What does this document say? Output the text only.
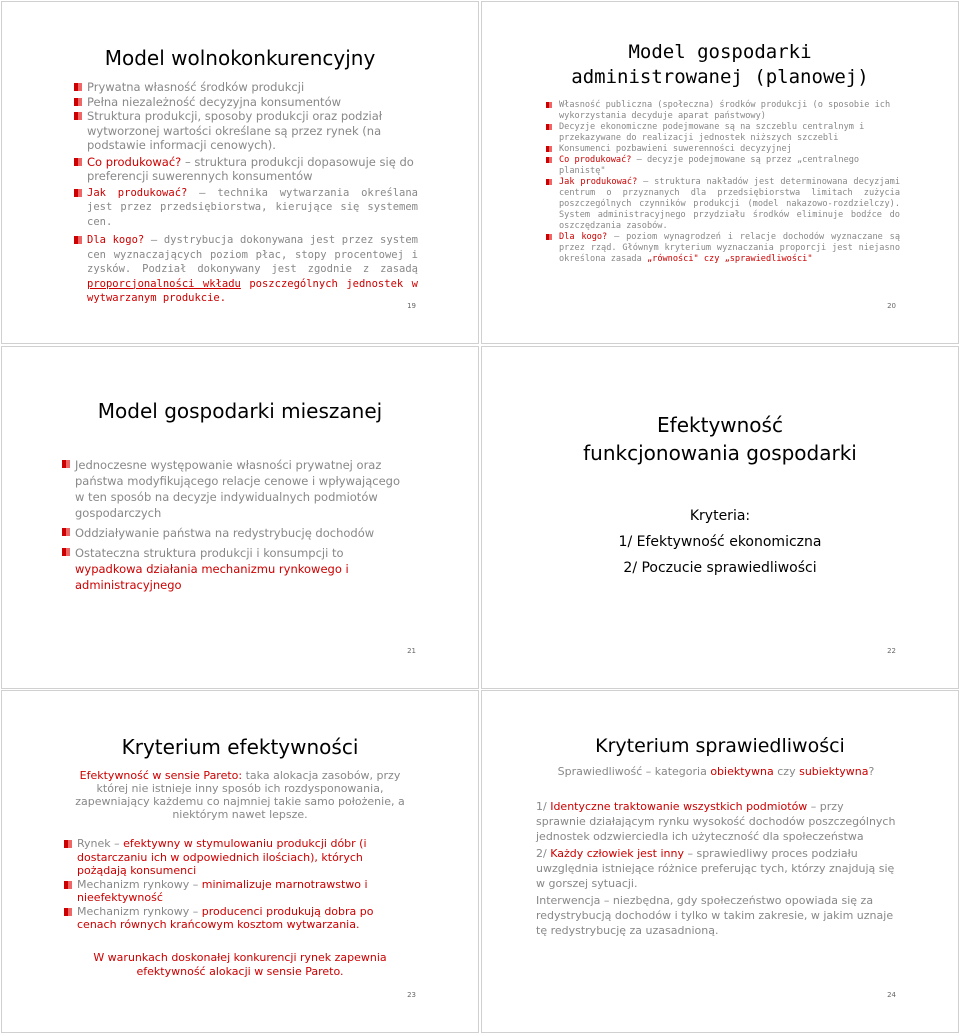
Model wolnokonkurencyjny
Prywatna własność środków produkcji
Pełna niezależność decyzyjna konsumentów
Struktura produkcji, sposoby produkcji oraz podział wytworzonej wartości określane są przez rynek (na podstawie informacji cenowych).
Co produkować? – struktura produkcji dopasowuje się do preferencji suwerennych konsumentów
Jak produkować? – technika wytwarzania określana jest przez przedsiębiorstwa, kierujące się systemem cen.
Dla kogo? – dystrybucja dokonywana jest przez system cen wyznaczających poziom płac, stopy procentowej i zysków. Podział dokonywany jest zgodnie z zasadą proporcjonalności wkładu poszczególnych jednostek w wytwarzanym produkcie.
19
Model gospodarki
administrowanej (planowej)
Własność publiczna (społeczna) środków produkcji (o sposobie ich wykorzystania decyduje aparat państwowy)
Decyzje ekonomiczne podejmowane są na szczeblu centralnym i przekazywane do realizacji jednostek niższych szczebli
Konsumenci pozbawieni suwerenności decyzyjnej
Co produkować? – decyzje podejmowane są przez „centralnego planistę"
Jak produkować? – struktura nakładów jest determinowana decyzjami centrum o przyznanych dla przedsiębiorstwa limitach zużycia poszczególnych czynników produkcji (model nakazowo-rozdzielczy). System administracyjnego przydziału środków eliminuje bodźce do oszczędzania zasobów.
Dla kogo? – poziom wynagrodzeń i relacje dochodów wyznaczane są przez rząd. Głównym kryterium wyznaczania proporcji jest niejasno określona zasada „równości" czy „sprawiedliwości"
20
Model gospodarki mieszanej
Jednoczesne występowanie własności prywatnej oraz państwa modyfikującego relacje cenowe i wpływającego w ten sposób na decyzje indywidualnych podmiotów gospodarczych
Oddziaływanie państwa na redystrybucję dochodów
Ostateczna struktura produkcji i konsumpcji to wypadkowa działania mechanizmu rynkowego i administracyjnego
21
Efektywność
funkcjonowania gospodarki
Kryteria:
1/ Efektywność ekonomiczna
2/ Poczucie sprawiedliwości
22
Kryterium efektywności
Efektywność w sensie Pareto: taka alokacja zasobów, przy której nie istnieje inny sposób ich rozdysponowania, zapewniający każdemu co najmniej takie samo położenie, a niektórym nawet lepsze.
Rynek – efektywny w stymulowaniu produkcji dóbr (i dostarczaniu ich w odpowiednich ilościach), których pożądają konsumenci
Mechanizm rynkowy – minimalizuje marnotrawstwo i nieefektywność
Mechanizm rynkowy – producenci produkują dobra po cenach równych krańcowym kosztom wytwarzania.
W warunkach doskonałej konkurencji rynek zapewnia efektywność alokacji w sensie Pareto.
23
Kryterium sprawiedliwości
Sprawiedliwość – kategoria obiektywna czy subiektywna?
1/ Identyczne traktowanie wszystkich podmiotów – przy sprawnie działającym rynku wysokość dochodów poszczególnych jednostek odzwierciedla ich użyteczność dla społeczeństwa
2/ Każdy człowiek jest inny – sprawiedliwy proces podziału uwzględnia istniejące różnice preferując tych, którzy znajdują się w gorszej sytuacji.
Interwencja – niezbędna, gdy społeczeństwo opowiada się za redystrybucją dochodów i tylko w takim zakresie, w jakim uznaje tę redystrybucję za uzasadnioną.
24
